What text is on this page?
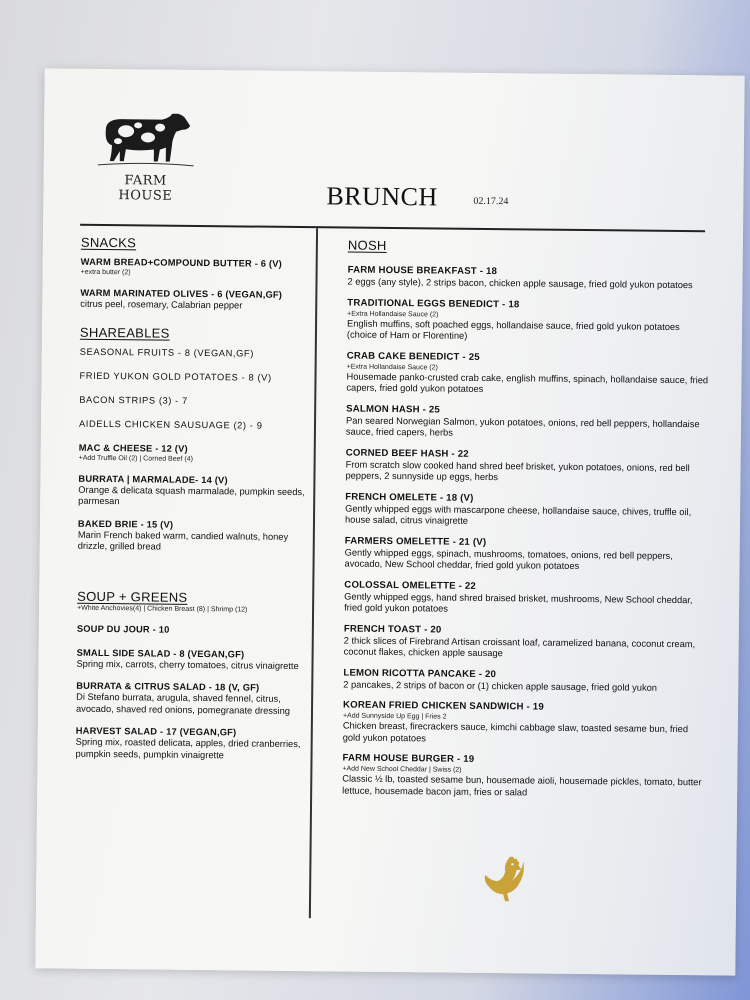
FARM HOUSE	BRUNCH	02.17.24
SNACKS
WARM BREAD+COMPOUND BUTTER - 6 (V)
+extra butter (2)
WARM MARINATED OLIVES - 6 (VEGAN,GF)
citrus peel, rosemary, Calabrian pepper
SHAREABLES
SEASONAL FRUITS - 8 (VEGAN,GF)
FRIED YUKON GOLD POTATOES - 8 (V)
BACON STRIPS (3) - 7
AIDELLS CHICKEN SAUSUAGE (2) - 9
MAC & CHEESE - 12 (V)
+Add Truffle Oil (2) | Corned Beef (4)
BURRATA | MARMALADE- 14 (V)
Orange & delicata squash marmalade, pumpkin seeds, parmesan
BAKED BRIE - 15 (V)
Marin French baked warm, candied walnuts, honey drizzle, grilled bread
SOUP + GREENS
+White Anchovies(4) | Chicken Breast (8) | Shrimp (12)
SOUP DU JOUR - 10
SMALL SIDE SALAD - 8 (VEGAN,GF)
Spring mix, carrots, cherry tomatoes, citrus vinaigrette
BURRATA & CITRUS SALAD - 18 (V, GF)
Di Stefano burrata, arugula, shaved fennel, citrus, avocado, shaved red onions, pomegranate dressing
HARVEST SALAD - 17 (VEGAN,GF)
Spring mix, roasted delicata, apples, dried cranberries, pumpkin seeds, pumpkin vinaigrette
NOSH
FARM HOUSE BREAKFAST - 18
2 eggs (any style), 2 strips bacon, chicken apple sausage, fried gold yukon potatoes
TRADITIONAL EGGS BENEDICT - 18
+Extra Hollandaise Sauce (2)
English muffins, soft poached eggs, hollandaise sauce, fried gold yukon potatoes (choice of Ham or Florentine)
CRAB CAKE BENEDICT - 25
+Extra Hollandaise Sauce (2)
Housemade panko-crusted crab cake, english muffins, spinach, hollandaise sauce, fried capers, fried gold yukon potatoes
SALMON HASH - 25
Pan seared Norwegian Salmon, yukon potatoes, onions, red bell peppers, hollandaise sauce, fried capers, herbs
CORNED BEEF HASH - 22
From scratch slow cooked hand shred beef brisket, yukon potatoes, onions, red bell peppers, 2 sunnyside up eggs, herbs
FRENCH OMELETE - 18 (V)
Gently whipped eggs with mascarpone cheese, hollandaise sauce, chives, truffle oil, house salad, citrus vinaigrette
FARMERS OMELETTE - 21 (V)
Gently whipped eggs, spinach, mushrooms, tomatoes, onions, red bell peppers, avocado, New School cheddar, fried gold yukon potatoes
COLOSSAL OMELETTE - 22
Gently whipped eggs, hand shred braised brisket, mushrooms, New School cheddar, fried gold yukon potatoes
FRENCH TOAST - 20
2 thick slices of Firebrand Artisan croissant loaf, caramelized banana, coconut cream, coconut flakes, chicken apple sausage
LEMON RICOTTA PANCAKE - 20
2 pancakes, 2 strips of bacon or (1) chicken apple sausage, fried gold yukon
KOREAN FRIED CHICKEN SANDWICH - 19
+Add Sunnyside Up Egg | Fries 2
Chicken breast, firecrackers sauce, kimchi cabbage slaw, toasted sesame bun, fried gold yukon potatoes
FARM HOUSE BURGER - 19
+Add New School Cheddar | Swiss (2)
Classic ½ lb, toasted sesame bun, housemade aioli, housemade pickles, tomato, butter lettuce, housemade bacon jam, fries or salad
